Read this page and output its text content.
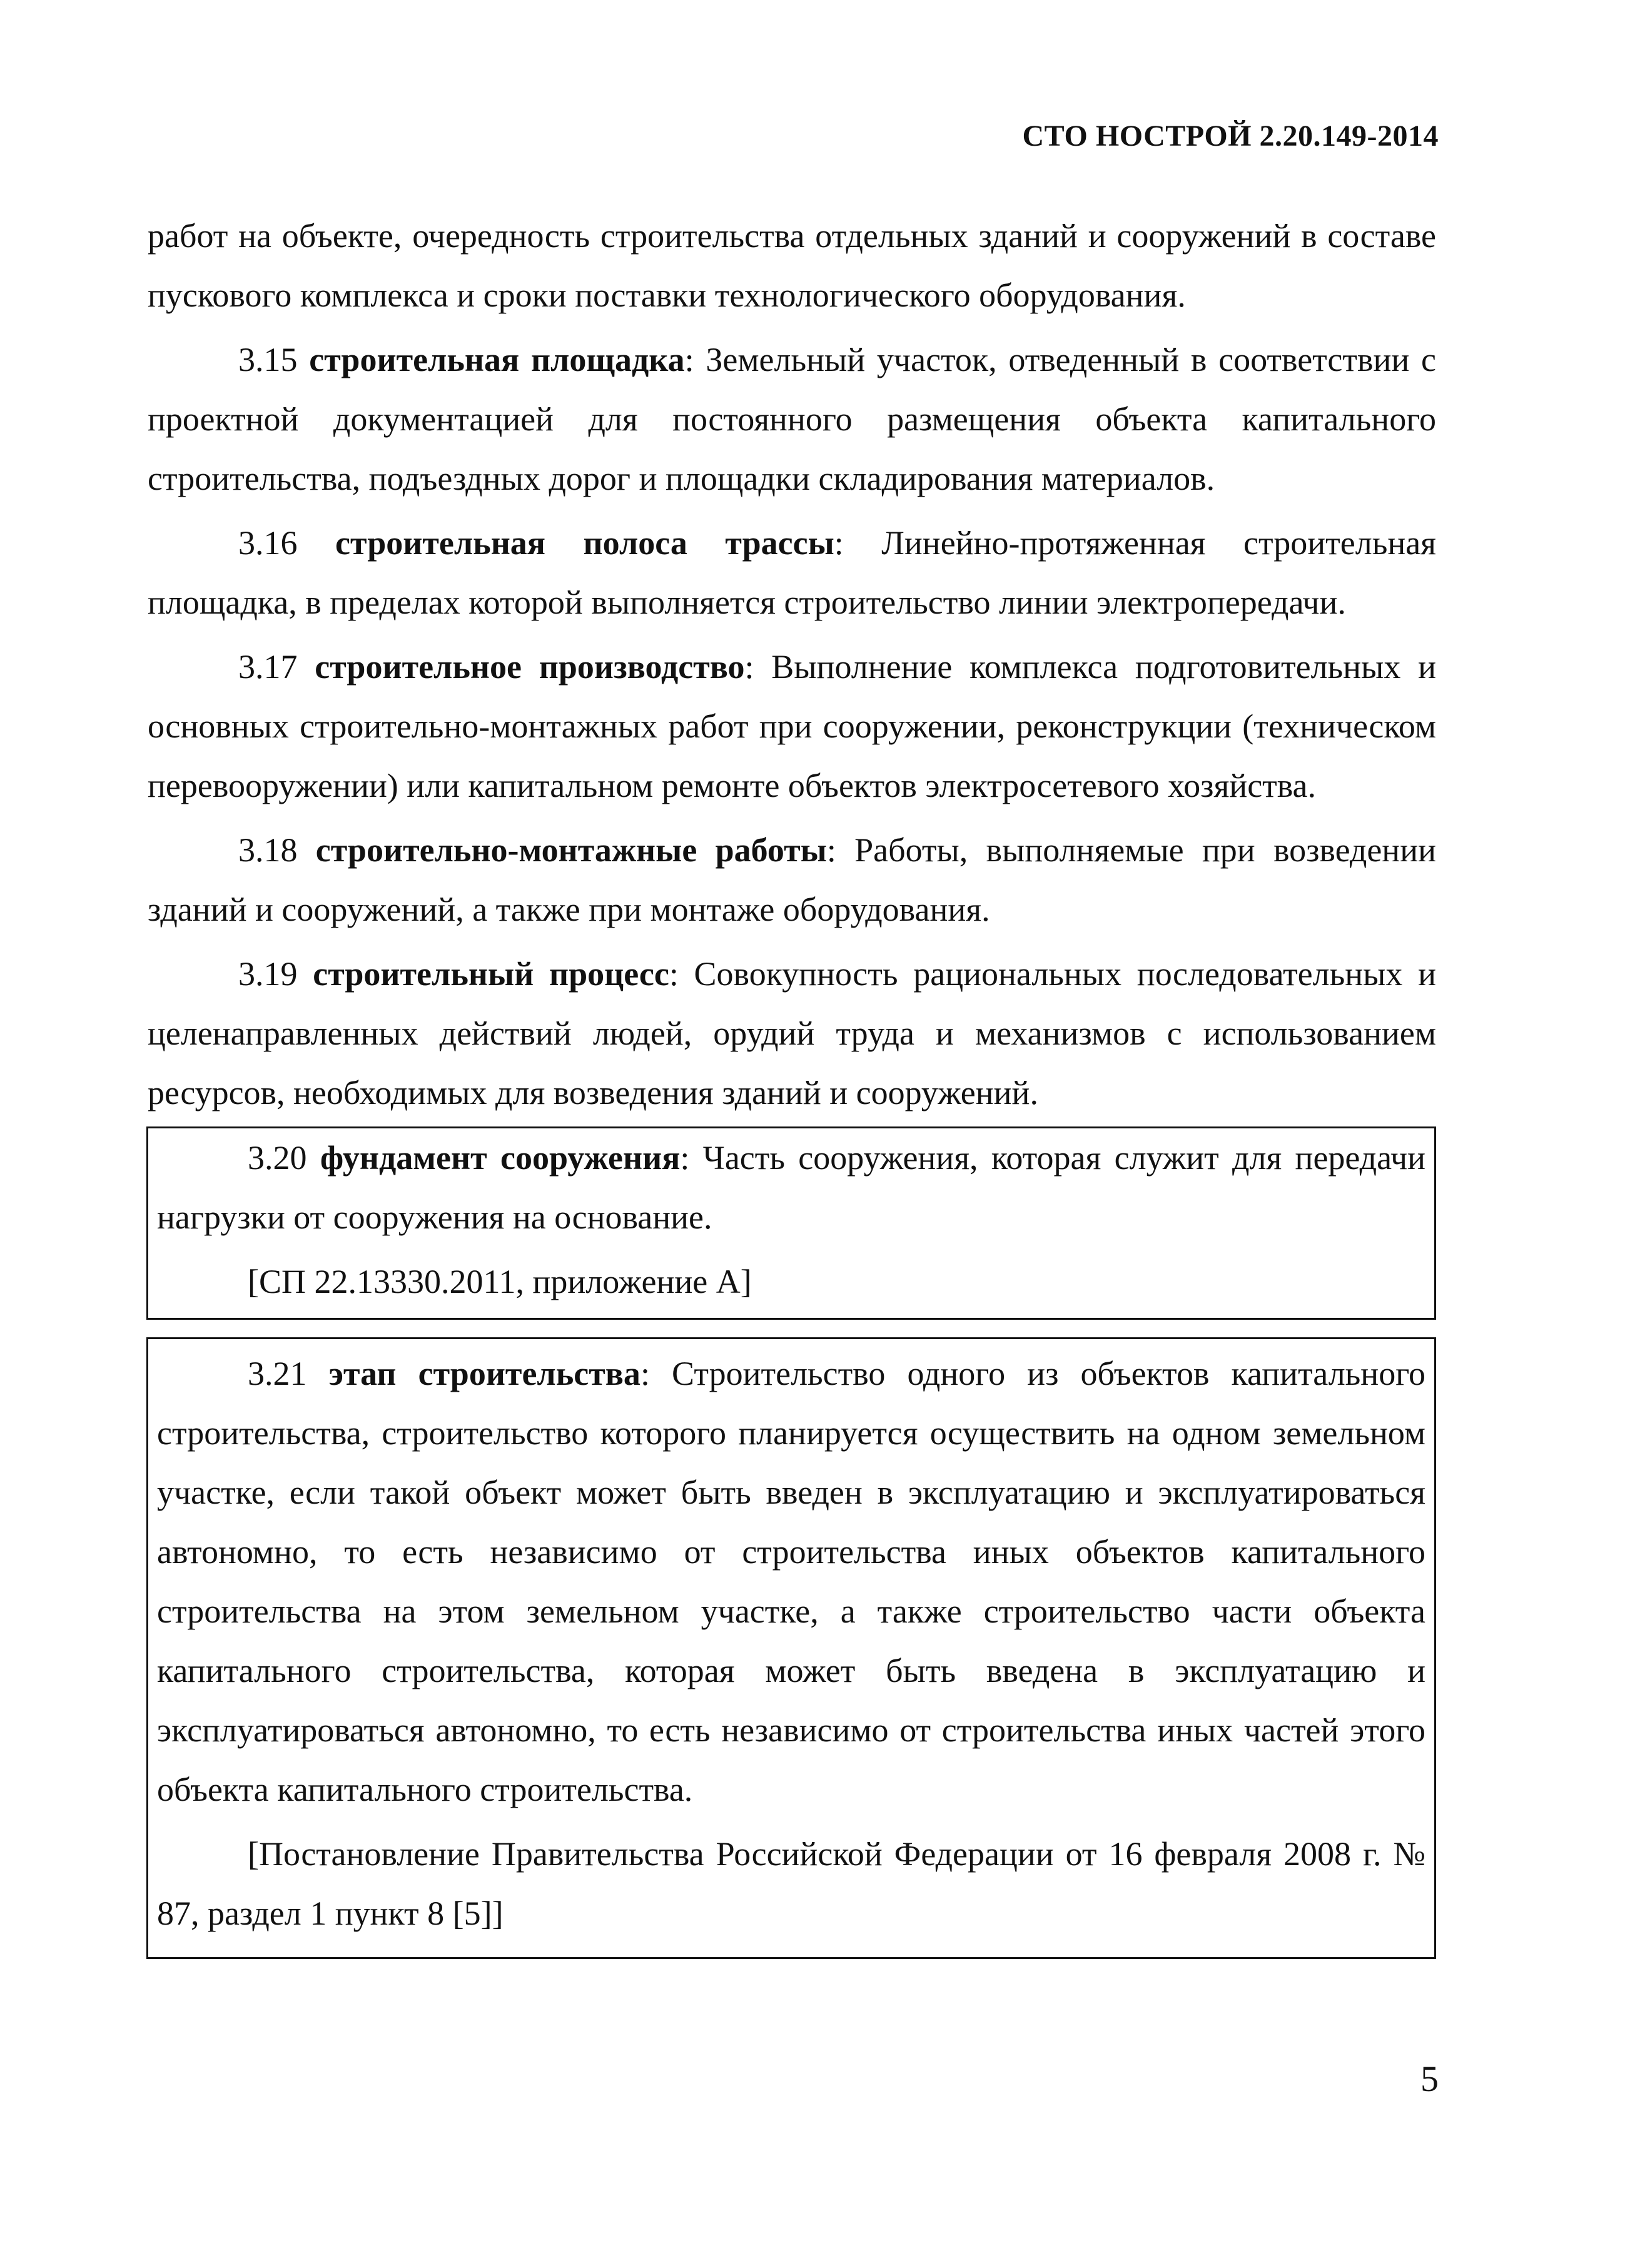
СТО НОСТРОЙ 2.20.149-2014

работ на объекте, очередность строительства отдельных зданий и сооружений в составе пускового комплекса и сроки поставки технологического оборудования.

3.15 строительная площадка: Земельный участок, отведенный в соответствии с проектной документацией для постоянного размещения объекта капитального строительства, подъездных дорог и площадки складирования материалов.

3.16 строительная полоса трассы: Линейно-протяженная строительная площадка, в пределах которой выполняется строительство линии электропередачи.

3.17 строительное производство: Выполнение комплекса подготовительных и основных строительно-монтажных работ при сооружении, реконструкции (техническом перевооружении) или капитальном ремонте объектов электросетевого хозяйства.

3.18 строительно-монтажные работы: Работы, выполняемые при возведении зданий и сооружений, а также при монтаже оборудования.

3.19 строительный процесс: Совокупность рациональных последовательных и целенаправленных действий людей, орудий труда и механизмов с использованием ресурсов, необходимых для возведения зданий и сооружений.

3.20 фундамент сооружения: Часть сооружения, которая служит для передачи нагрузки от сооружения на основание.

[СП 22.13330.2011, приложение А]

3.21 этап строительства: Строительство одного из объектов капитального строительства, строительство которого планируется осуществить на одном земельном участке, если такой объект может быть введен в эксплуатацию и эксплуатироваться автономно, то есть независимо от строительства иных объектов капитального строительства на этом земельном участке, а также строительство части объекта капитального строительства, которая может быть введена в эксплуатацию и эксплуатироваться автономно, то есть независимо от строительства иных частей этого объекта капитального строительства.

[Постановление Правительства Российской Федерации от 16 февраля 2008 г. № 87, раздел 1 пункт 8 [5]]

5
